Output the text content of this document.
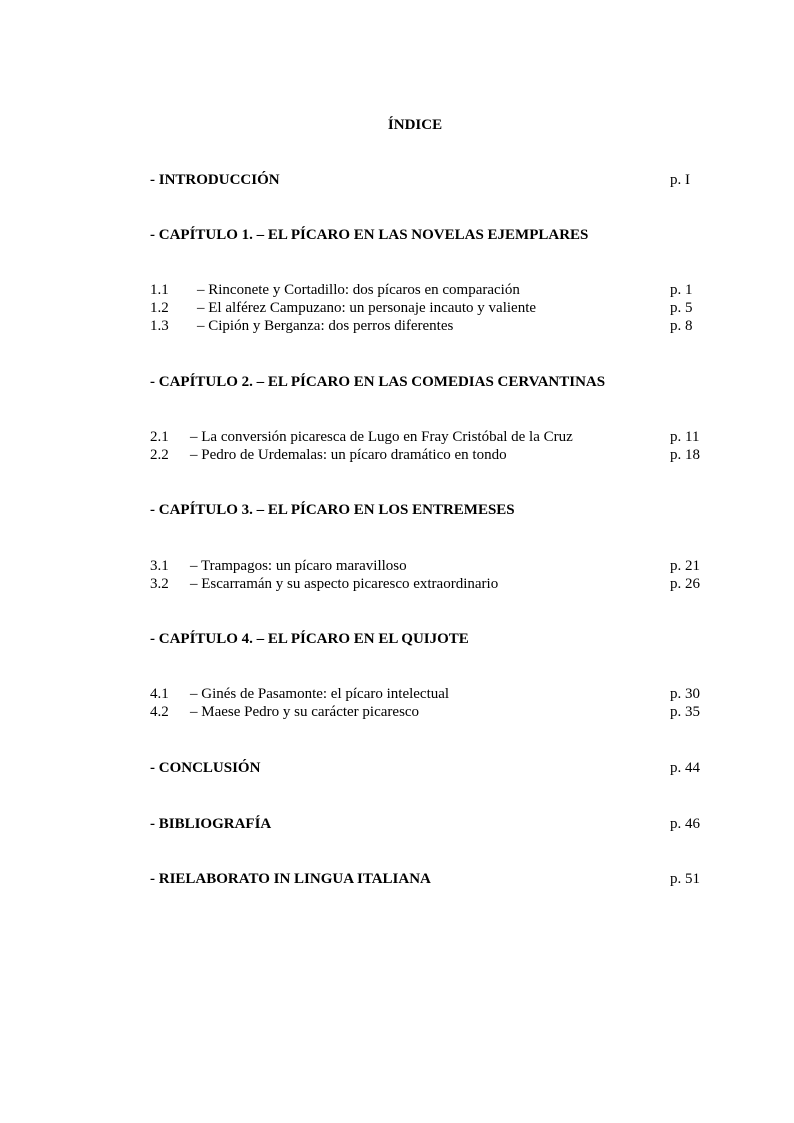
ÍNDICE
- INTRODUCCIÓN	p. I
- CAPÍTULO 1. – EL PÍCARO EN LAS NOVELAS EJEMPLARES
1.1 – Rinconete y Cortadillo: dos pícaros en comparación	p. 1
1.2 – El alférez Campuzano: un personaje incauto y valiente	p. 5
1.3 – Cipión y Berganza: dos perros diferentes	p. 8
- CAPÍTULO 2. – EL PÍCARO EN LAS COMEDIAS CERVANTINAS
2.1 – La conversión picaresca de Lugo en Fray Cristóbal de la Cruz	p. 11
2.2 – Pedro de Urdemalas: un pícaro dramático en tondo	p. 18
- CAPÍTULO 3. – EL PÍCARO EN LOS ENTREMESES
3.1 – Trampagos: un pícaro maravilloso	p. 21
3.2 – Escarramán y su aspecto picaresco extraordinario	p. 26
- CAPÍTULO 4. – EL PÍCARO EN EL QUIJOTE
4.1 – Ginés de Pasamonte: el pícaro intelectual	p. 30
4.2 – Maese Pedro y su carácter picaresco	p. 35
- CONCLUSIÓN	p. 44
- BIBLIOGRAFÍA	p. 46
- RIELABORATO IN LINGUA ITALIANA	p. 51
